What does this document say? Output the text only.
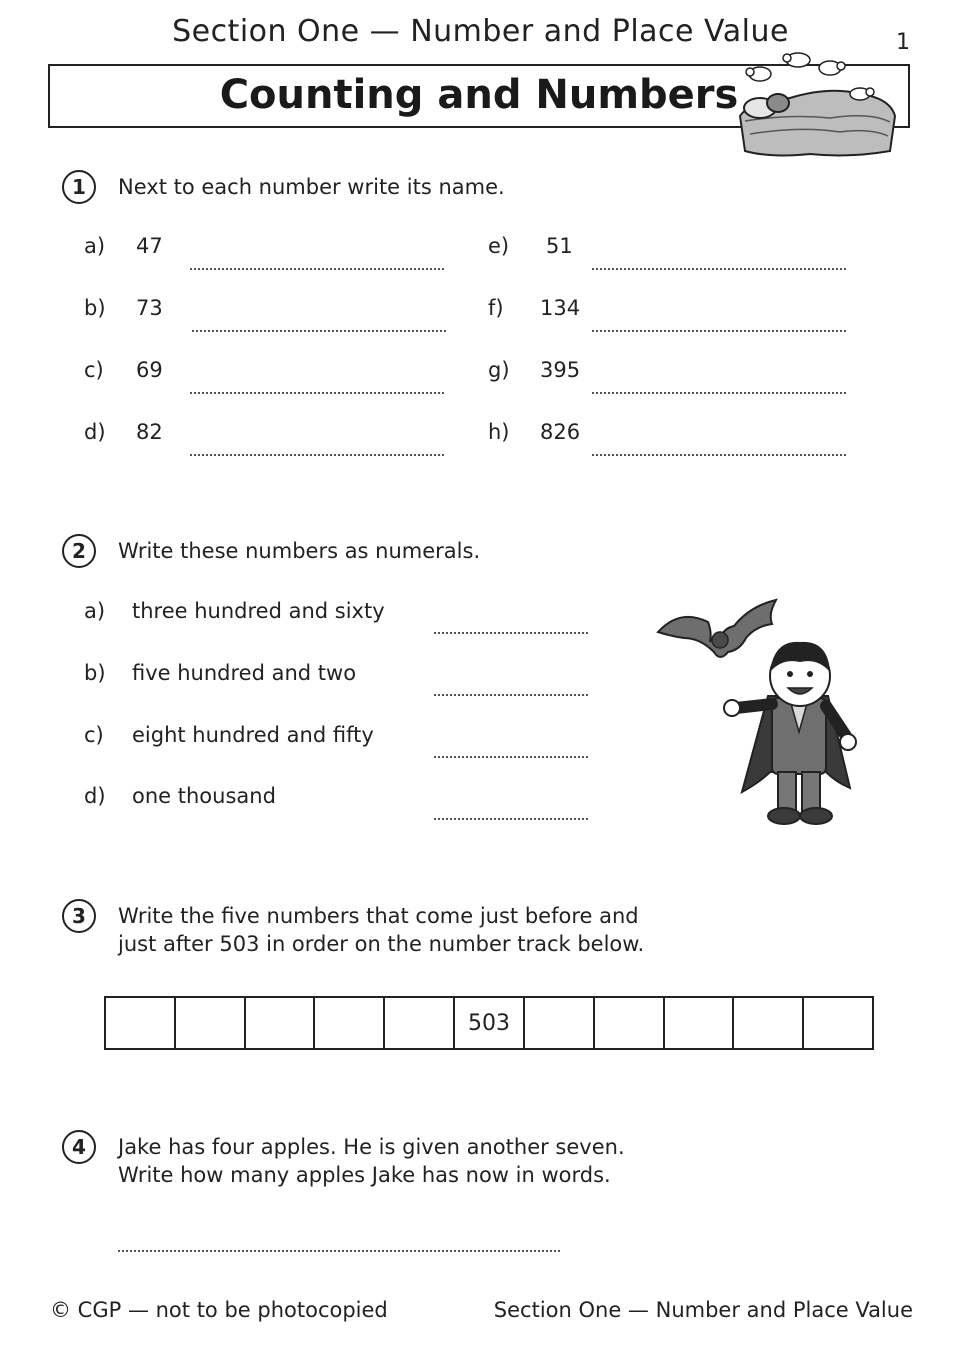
Section One — Number and Place Value	1
Counting and Numbers
1	Next to each number write its name.
a) 47
b) 73
c) 69
d) 82
e) 51
f) 134
g) 395
h) 826
2	Write these numbers as numerals.
a) three hundred and sixty
b) five hundred and two
c) eight hundred and fifty
d) one thousand
3	Write the five numbers that come just before and
just after 503 in order on the number track below.
503
4	Jake has four apples. He is given another seven.
Write how many apples Jake has now in words.
© CGP — not to be photocopied	Section One — Number and Place Value
